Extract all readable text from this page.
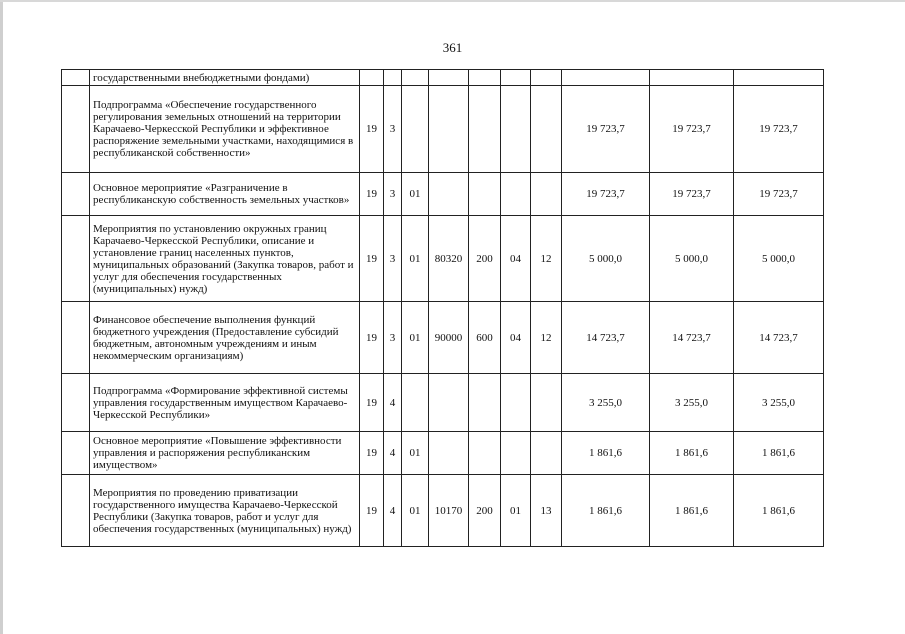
361
	государственными внебюджетными фондами)										
	Подпрограмма «Обеспечение государственного регулирования земельных отношений на территории Карачаево-Черкесской Республики и эффективное распоряжение земельными участками, находящимися в республиканской собственности»	19	3						19 723,7	19 723,7	19 723,7
	Основное мероприятие «Разграничение в республиканскую собственность земельных участков»	19	3	01					19 723,7	19 723,7	19 723,7
	Мероприятия по установлению окружных границ Карачаево-Черкесской Республики, описание и установление границ населенных пунктов, муниципальных образований (Закупка товаров, работ и услуг для обеспечения государственных (муниципальных) нужд)	19	3	01	80320	200	04	12	5 000,0	5 000,0	5 000,0
	Финансовое обеспечение выполнения функций бюджетного учреждения (Предоставление субсидий бюджетным, автономным учреждениям и иным некоммерческим организациям)	19	3	01	90000	600	04	12	14 723,7	14 723,7	14 723,7
	Подпрограмма «Формирование эффективной системы управления государственным имуществом Карачаево-Черкесской Республики»	19	4						3 255,0	3 255,0	3 255,0
	Основное мероприятие «Повышение эффективности управления и распоряжения республиканским имуществом»	19	4	01					1 861,6	1 861,6	1 861,6
	Мероприятия по проведению приватизации государственного имущества Карачаево-Черкесской Республики (Закупка товаров, работ и услуг для обеспечения государственных (муниципальных) нужд)	19	4	01	10170	200	01	13	1 861,6	1 861,6	1 861,6
